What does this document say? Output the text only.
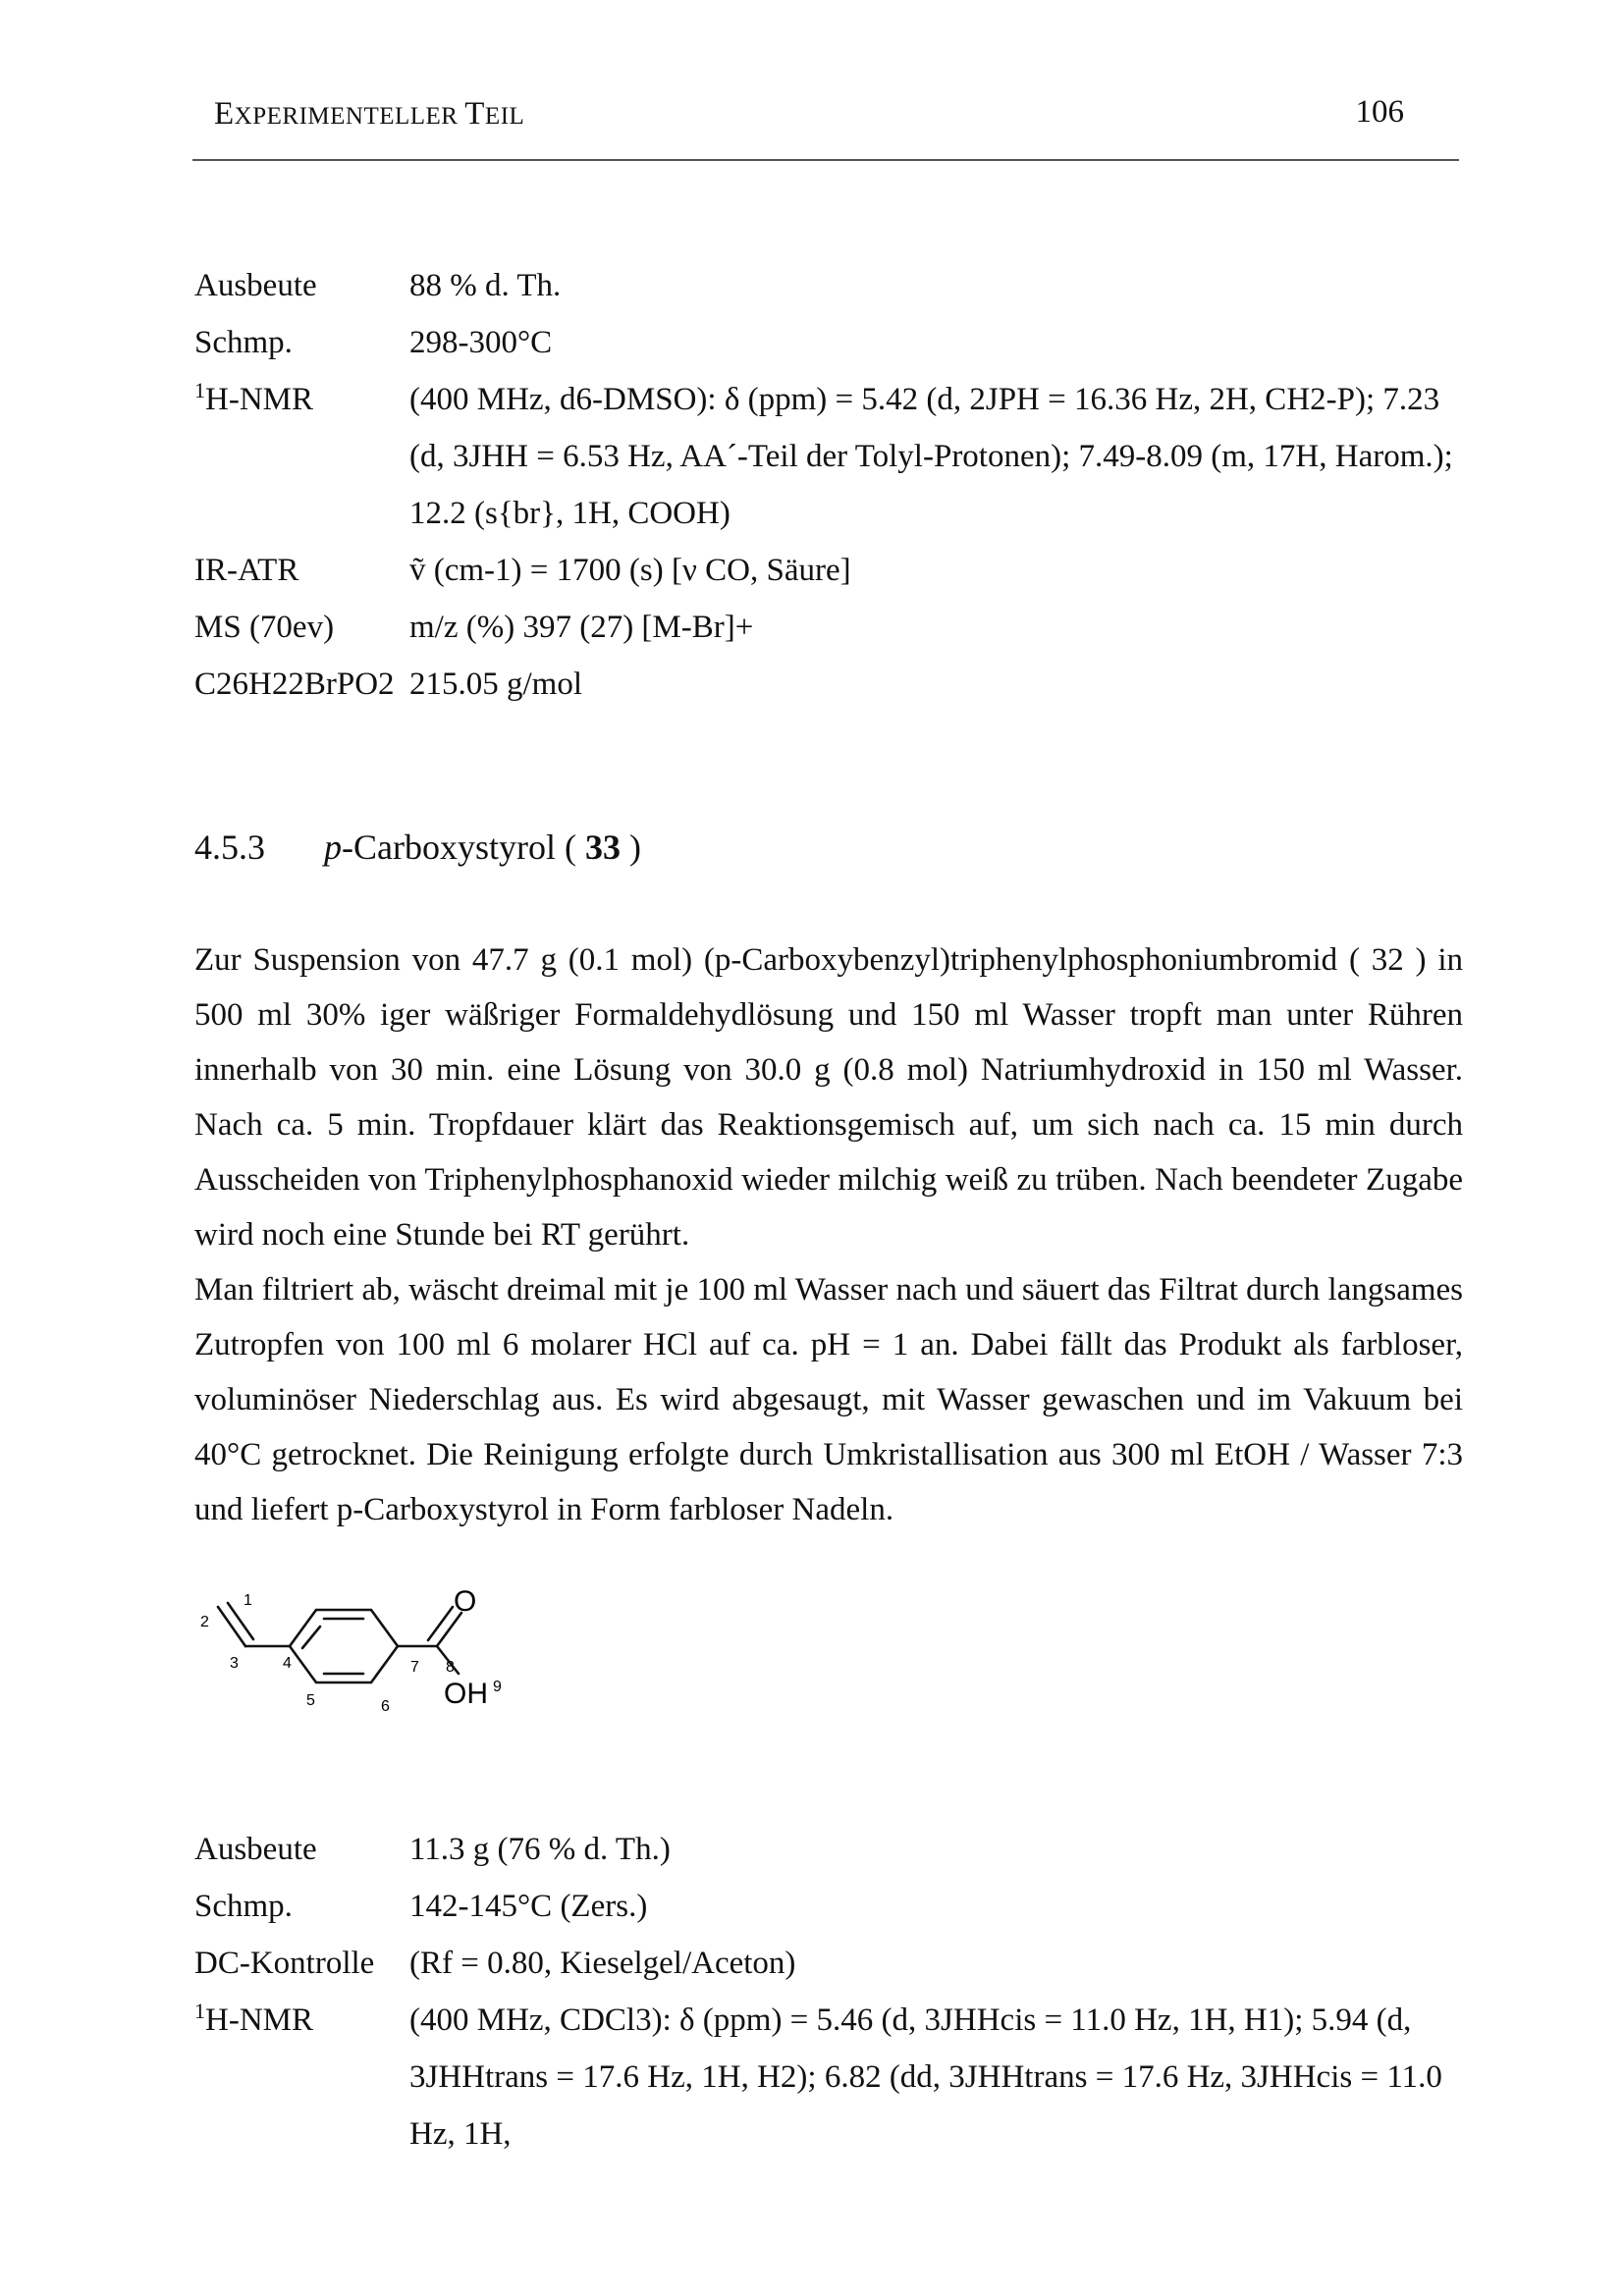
EXPERIMENTELLER TEIL	106
Ausbeute	88 % d. Th.
Schmp.	298-300°C
$^1$H-NMR	(400 MHz, d6-DMSO): δ (ppm) = 5.42 (d, 2JPH = 16.36 Hz, 2H, CH2-P); 7.23
(d, 3JHH = 6.53 Hz, AA´-Teil der Tolyl-Protonen); 7.49-8.09 (m, 17H, Harom.);
12.2 (s{br}, 1H, COOH)
IR-ATR	ṽ (cm-1) = 1700 (s) [ν CO, Säure]
MS (70ev)	m/z (%) 397 (27) [M-Br]+
C26H22BrPO2 215.05 g/mol
4.5.3 p-Carboxystyrol ( 33 )

Zur Suspension von 47.7 g (0.1 mol) (p-Carboxybenzyl)triphenylphosphoniumbromid ( 32 ) in 500 ml 30% iger wäßriger Formaldehydlösung und 150 ml Wasser tropft man unter Rühren innerhalb von 30 min. eine Lösung von 30.0 g (0.8 mol) Natriumhydroxid in 150 ml Wasser. Nach ca. 5 min. Tropfdauer klärt das Reaktionsgemisch auf, um sich nach ca. 15 min durch Ausscheiden von Triphenylphosphanoxid wieder milchig weiß zu trüben. Nach beendeter Zugabe wird noch eine Stunde bei RT gerührt.

Man filtriert ab, wäscht dreimal mit je 100 ml Wasser nach und säuert das Filtrat durch langsames Zutropfen von 100 ml 6 molarer HCl auf ca. pH = 1 an. Dabei fällt das Produkt als farbloser, voluminöser Niederschlag aus. Es wird abgesaugt, mit Wasser gewaschen und im Vakuum bei 40°C getrocknet. Die Reinigung erfolgte durch Umkristallisation aus 300 ml EtOH / Wasser 7:3 und liefert p-Carboxystyrol in Form farbloser Nadeln.

O
OH
1
2
3	4
5	6
7 8
9
Ausbeute	11.3 g (76 % d. Th.)
Schmp.	142-145°C (Zers.)
DC-Kontrolle	(Rf = 0.80, Kieselgel/Aceton)
$^1$H-NMR	(400 MHz, CDCl3): δ (ppm) = 5.46 (d, 3JHHcis = 11.0 Hz, 1H, H1); 5.94 (d,
3JHHtrans = 17.6 Hz, 1H, H2); 6.82 (dd, 3JHHtrans = 17.6 Hz, 3JHHcis = 11.0 Hz, 1H,
